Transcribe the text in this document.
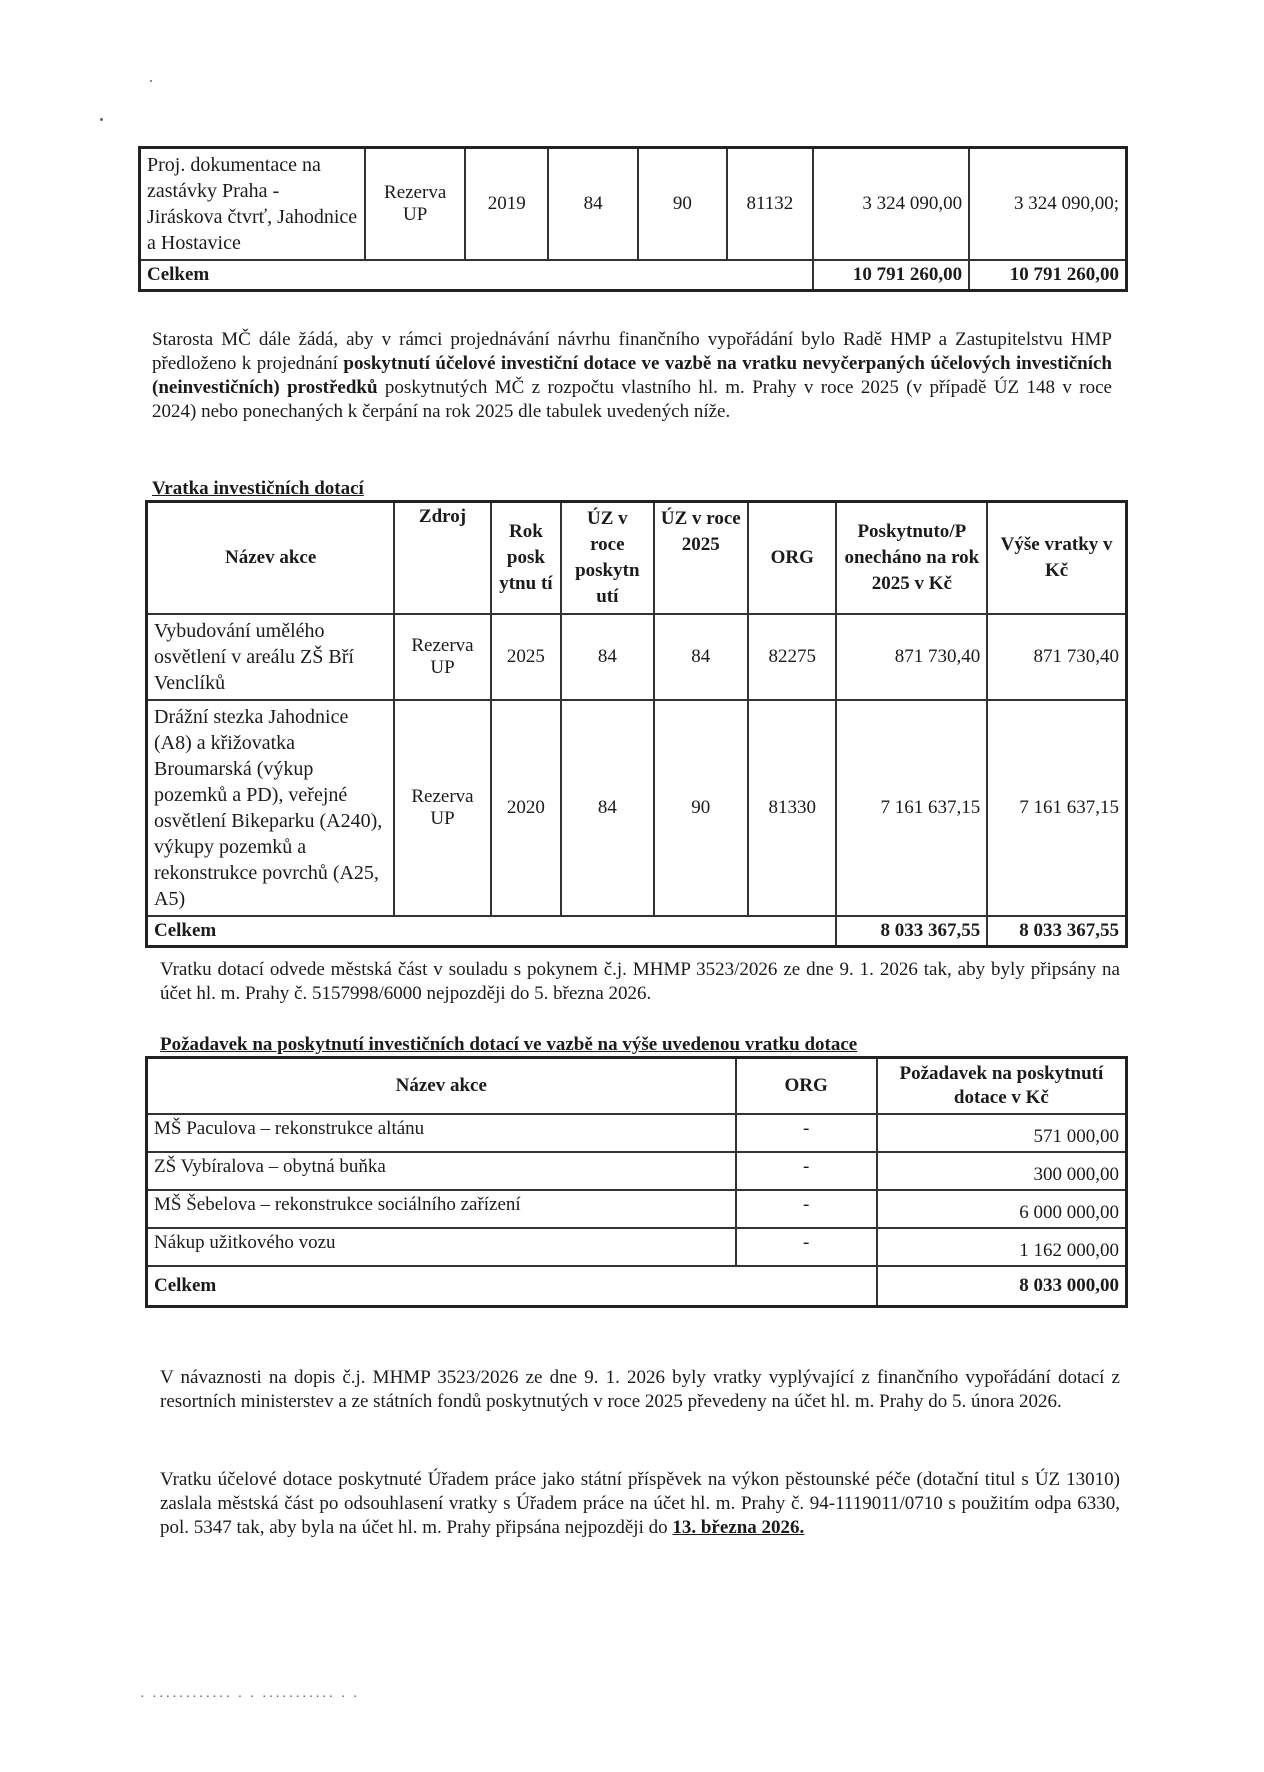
Proj. dokumentace na zastávky Praha - Jiráskova čtvrť, Jahodnice a Hostavice	Rezerva UP	2019	84	90	81132	3 324 090,00	3 324 090,00;
Celkem						10 791 260,00	10 791 260,00
Starosta MČ dále žádá, aby v rámci projednávání návrhu finančního vypořádání bylo Radě HMP a Zastupitelstvu HMP předloženo k projednání poskytnutí účelové investiční dotace ve vazbě na vratku nevyčerpaných účelových investičních (neinvestičních) prostředků poskytnutých MČ z rozpočtu vlastního hl. m. Prahy v roce 2025 (v případě ÚZ 148 v roce 2024) nebo ponechaných k čerpání na rok 2025 dle tabulek uvedených níže.
Vratka investičních dotací
Název akce	Zdroj	Rok posk ytnu tí	ÚZ v roce poskytn utí	ÚZ v roce 2025	ORG	Poskytnuto/P onecháno na rok 2025 v Kč	Výše vratky v Kč
Vybudování umělého osvětlení v areálu ZŠ Bří Venclíků	Rezerva UP	2025	84	84	82275	871 730,40	871 730,40
Drážní stezka Jahodnice (A8) a křižovatka Broumarská (výkup pozemků a PD), veřejné osvětlení Bikeparku (A240), výkupy pozemků a rekonstrukce povrchů (A25, A5)	Rezerva UP	2020	84	90	81330	7 161 637,15	7 161 637,15
Celkem						8 033 367,55	8 033 367,55
Vratku dotací odvede městská část v souladu s pokynem č.j. MHMP 3523/2026 ze dne 9. 1. 2026 tak, aby byly připsány na účet hl. m. Prahy č. 5157998/6000 nejpozději do 5. března 2026.
Požadavek na poskytnutí investičních dotací ve vazbě na výše uvedenou vratku dotace
Název akce	ORG	Požadavek na poskytnutí dotace v Kč
MŠ Paculova – rekonstrukce altánu	-	571 000,00
ZŠ Vybíralova – obytná buňka	-	300 000,00
MŠ Šebelova – rekonstrukce sociálního zařízení	-	6 000 000,00
Nákup užitkového vozu	-	1 162 000,00
Celkem		8 033 000,00
V návaznosti na dopis č.j. MHMP 3523/2026 ze dne 9. 1. 2026 byly vratky vyplývající z finančního vypořádání dotací z resortních ministerstev a ze státních fondů poskytnutých v roce 2025 převedeny na účet hl. m. Prahy do 5. února 2026.
Vratku účelové dotace poskytnuté Úřadem práce jako státní příspěvek na výkon pěstounské péče (dotační titul s ÚZ 13010) zaslala městská část po odsouhlasení vratky s Úřadem práce na účet hl. m. Prahy č. 94-1119011/0710 s použitím odpa 6330, pol. 5347 tak, aby byla na účet hl. m. Prahy připsána nejpozději do 13. března 2026.
· ············ · · ··········· · ·
